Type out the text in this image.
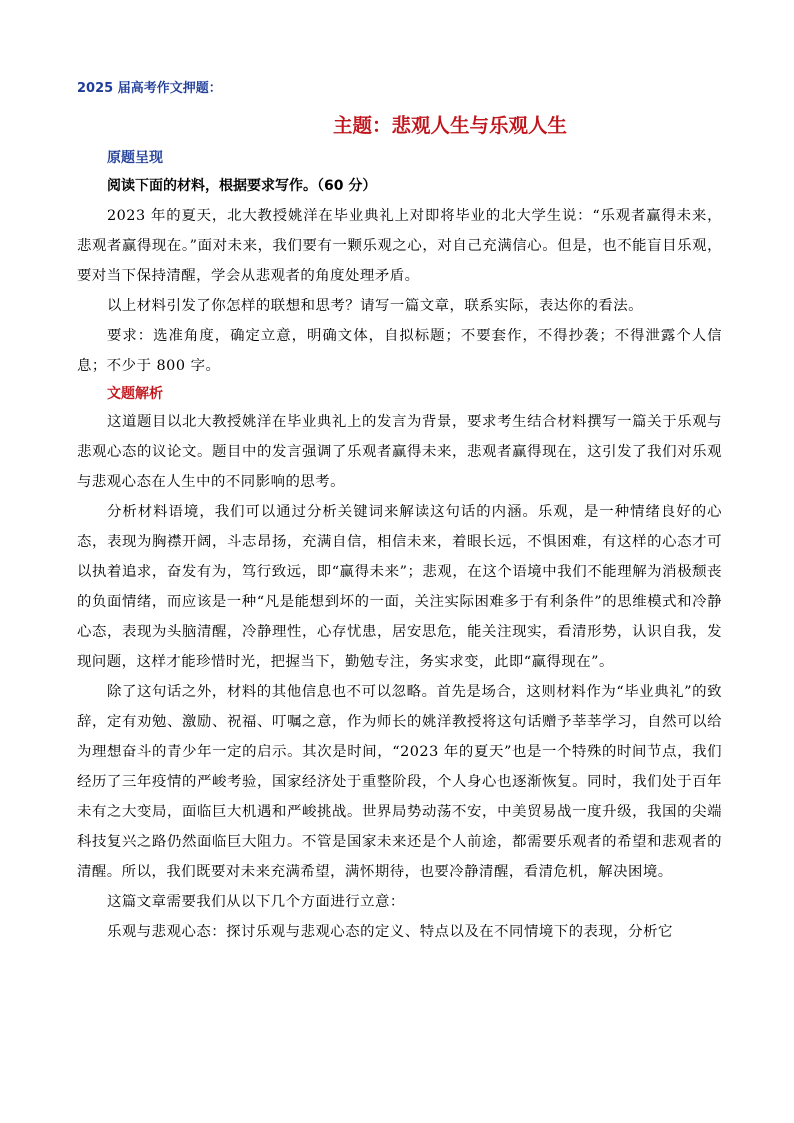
2025 届高考作文押题：
主题：悲观人生与乐观人生
原题呈现
阅读下面的材料，根据要求写作。（60 分）

2023 年的夏天，北大教授姚洋在毕业典礼上对即将毕业的北大学生说：“乐观者赢得未来，悲观者赢得现在。”面对未来，我们要有一颗乐观之心，对自己充满信心。但是，也不能盲目乐观，要对当下保持清醒，学会从悲观者的角度处理矛盾。

以上材料引发了你怎样的联想和思考？请写一篇文章，联系实际，表达你的看法。

要求：选准角度，确定立意，明确文体，自拟标题；不要套作，不得抄袭；不得泄露个人信息；不少于 800 字。

文题解析

这道题目以北大教授姚洋在毕业典礼上的发言为背景，要求考生结合材料撰写一篇关于乐观与悲观心态的议论文。题目中的发言强调了乐观者赢得未来，悲观者赢得现在，这引发了我们对乐观与悲观心态在人生中的不同影响的思考。

分析材料语境，我们可以通过分析关键词来解读这句话的内涵。乐观，是一种情绪良好的心态，表现为胸襟开阔，斗志昂扬，充满自信，相信未来，着眼长远，不惧困难，有这样的心态才可以执着追求，奋发有为，笃行致远，即“赢得未来”；悲观，在这个语境中我们不能理解为消极颓丧的负面情绪，而应该是一种“凡是能想到坏的一面，关注实际困难多于有利条件”的思维模式和冷静心态，表现为头脑清醒，冷静理性，心存忧患，居安思危，能关注现实，看清形势，认识自我，发现问题，这样才能珍惜时光，把握当下，勤勉专注，务实求变，此即“赢得现在”。

除了这句话之外，材料的其他信息也不可以忽略。首先是场合，这则材料作为“毕业典礼”的致辞，定有劝勉、激励、祝福、叮嘱之意，作为师长的姚洋教授将这句话赠予莘莘学习，自然可以给为理想奋斗的青少年一定的启示。其次是时间，“2023 年的夏天”也是一个特殊的时间节点，我们经历了三年疫情的严峻考验，国家经济处于重整阶段，个人身心也逐渐恢复。同时，我们处于百年未有之大变局，面临巨大机遇和严峻挑战。世界局势动荡不安，中美贸易战一度升级，我国的尖端科技复兴之路仍然面临巨大阻力。不管是国家未来还是个人前途，都需要乐观者的希望和悲观者的清醒。所以，我们既要对未来充满希望，满怀期待，也要冷静清醒，看清危机，解决困境。

这篇文章需要我们从以下几个方面进行立意：

乐观与悲观心态：探讨乐观与悲观心态的定义、特点以及在不同情境下的表现，分析它
